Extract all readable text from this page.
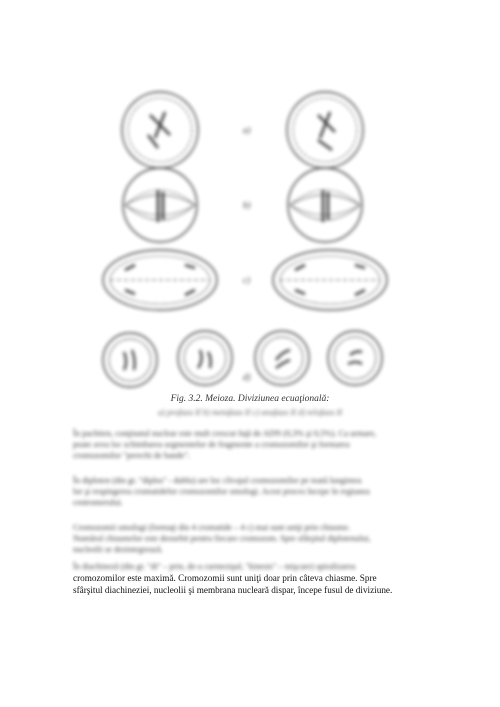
a)
b)
c)
d)
Fig. 3.2. Meioza. Diviziunea ecuaţională:
a) profaza II b) metafaza II c) anafaza II d) telofaza II
În pachiten, conţinutul nuclear este mult crescut faţă de ADN (0,3% şi 0,5%). Ca urmare,
poate avea loc schimbarea segmentelor de fragmente a cromozomilor şi formarea
cromozomilor "perechi de bande".
În diploten (din gr. "diplos" - dublu) are loc clivajul cromozomilor pe toată lungimea
lor şi respingerea cromatidelor cromozomilor omologi. Acest proces începe în regiunea
centromerului.
Cromozomii omologi (formaţi din 4 cromatide – 4 c) mai sunt uniţi prin chiasme.
Numărul chiasmelor este deosebit pentru fiecare cromozom. Spre sfârşitul diplotenului,
nucleolii se dezintegrează.
În diachineză (din gr. "di" – prin, de-a curmezişul, "kinesis" – mişcare) spiralizarea
cromozomilor este maximă. Cromozomii sunt uniţi doar prin câteva chiasme. Spre
sfârşitul diachineziei, nucleolii şi membrana nucleară dispar, începe fusul de diviziune.
